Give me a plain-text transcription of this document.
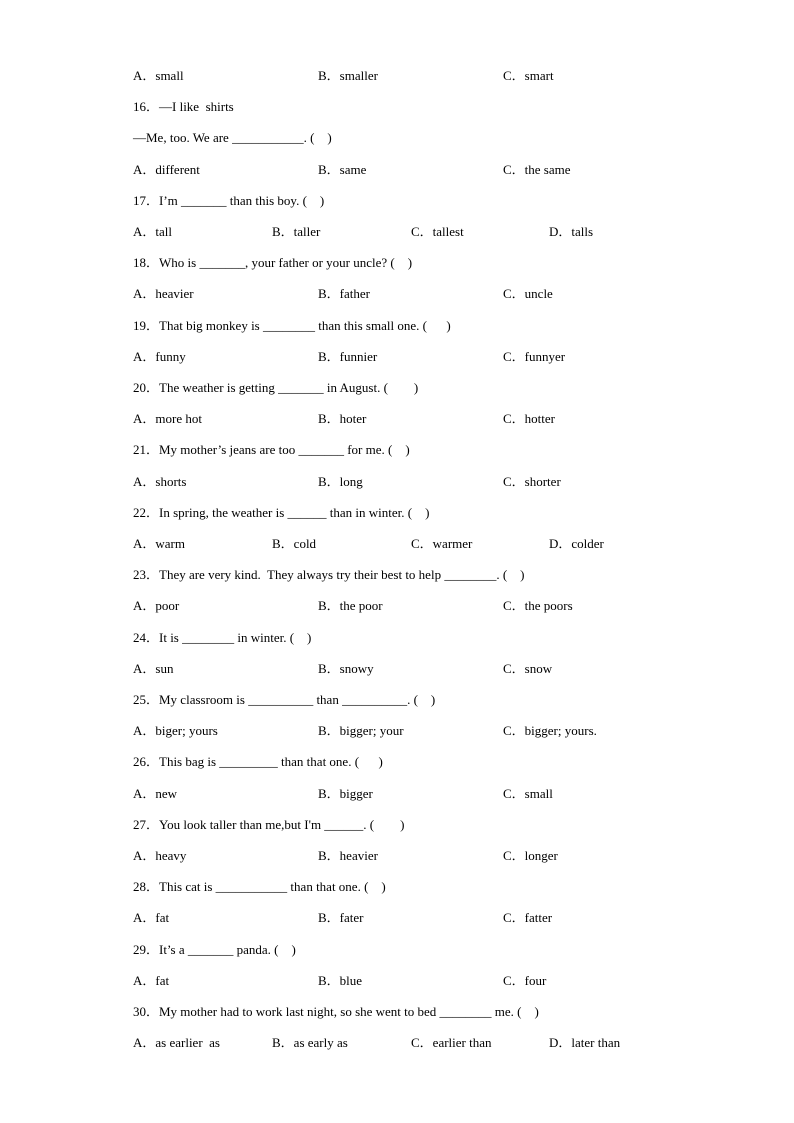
A．small	B．smaller	C．smart
16．—I like  shirts
—Me, too. We are ___________. (    )
A．different	B．same	C．the same
17．I’m _______ than this boy. (    )
A．tall	B．taller	C．tallest	D．talls
18．Who is _______, your father or your uncle? (    )
A．heavier	B．father	C．uncle
19．That big monkey is ________ than this small one. (      )
A．funny	B．funnier	C．funnyer
20．The weather is getting _______ in August. (        )
A．more hot	B．hoter	C．hotter
21．My mother’s jeans are too _______ for me. (    )
A．shorts	B．long	C．shorter
22．In spring, the weather is ______ than in winter. (    )
A．warm	B．cold	C．warmer	D．colder
23．They are very kind.  They always try their best to help ________. (    )
A．poor	B．the poor	C．the poors
24．It is ________ in winter. (    )
A．sun	B．snowy	C．snow
25．My classroom is __________ than __________. (    )
A．biger; yours	B．bigger; your	C．bigger; yours.
26．This bag is _________ than that one. (      )
A．new	B．bigger	C．small
27．You look taller than me,but I'm ______. (        )
A．heavy	B．heavier	C．longer
28．This cat is ___________ than that one. (    )
A．fat	B．fater	C．fatter
29．It’s a _______ panda. (    )
A．fat	B．blue	C．four
30．My mother had to work last night, so she went to bed ________ me. (    )
A．as earlier  as	B．as early as	C．earlier than	D．later than
